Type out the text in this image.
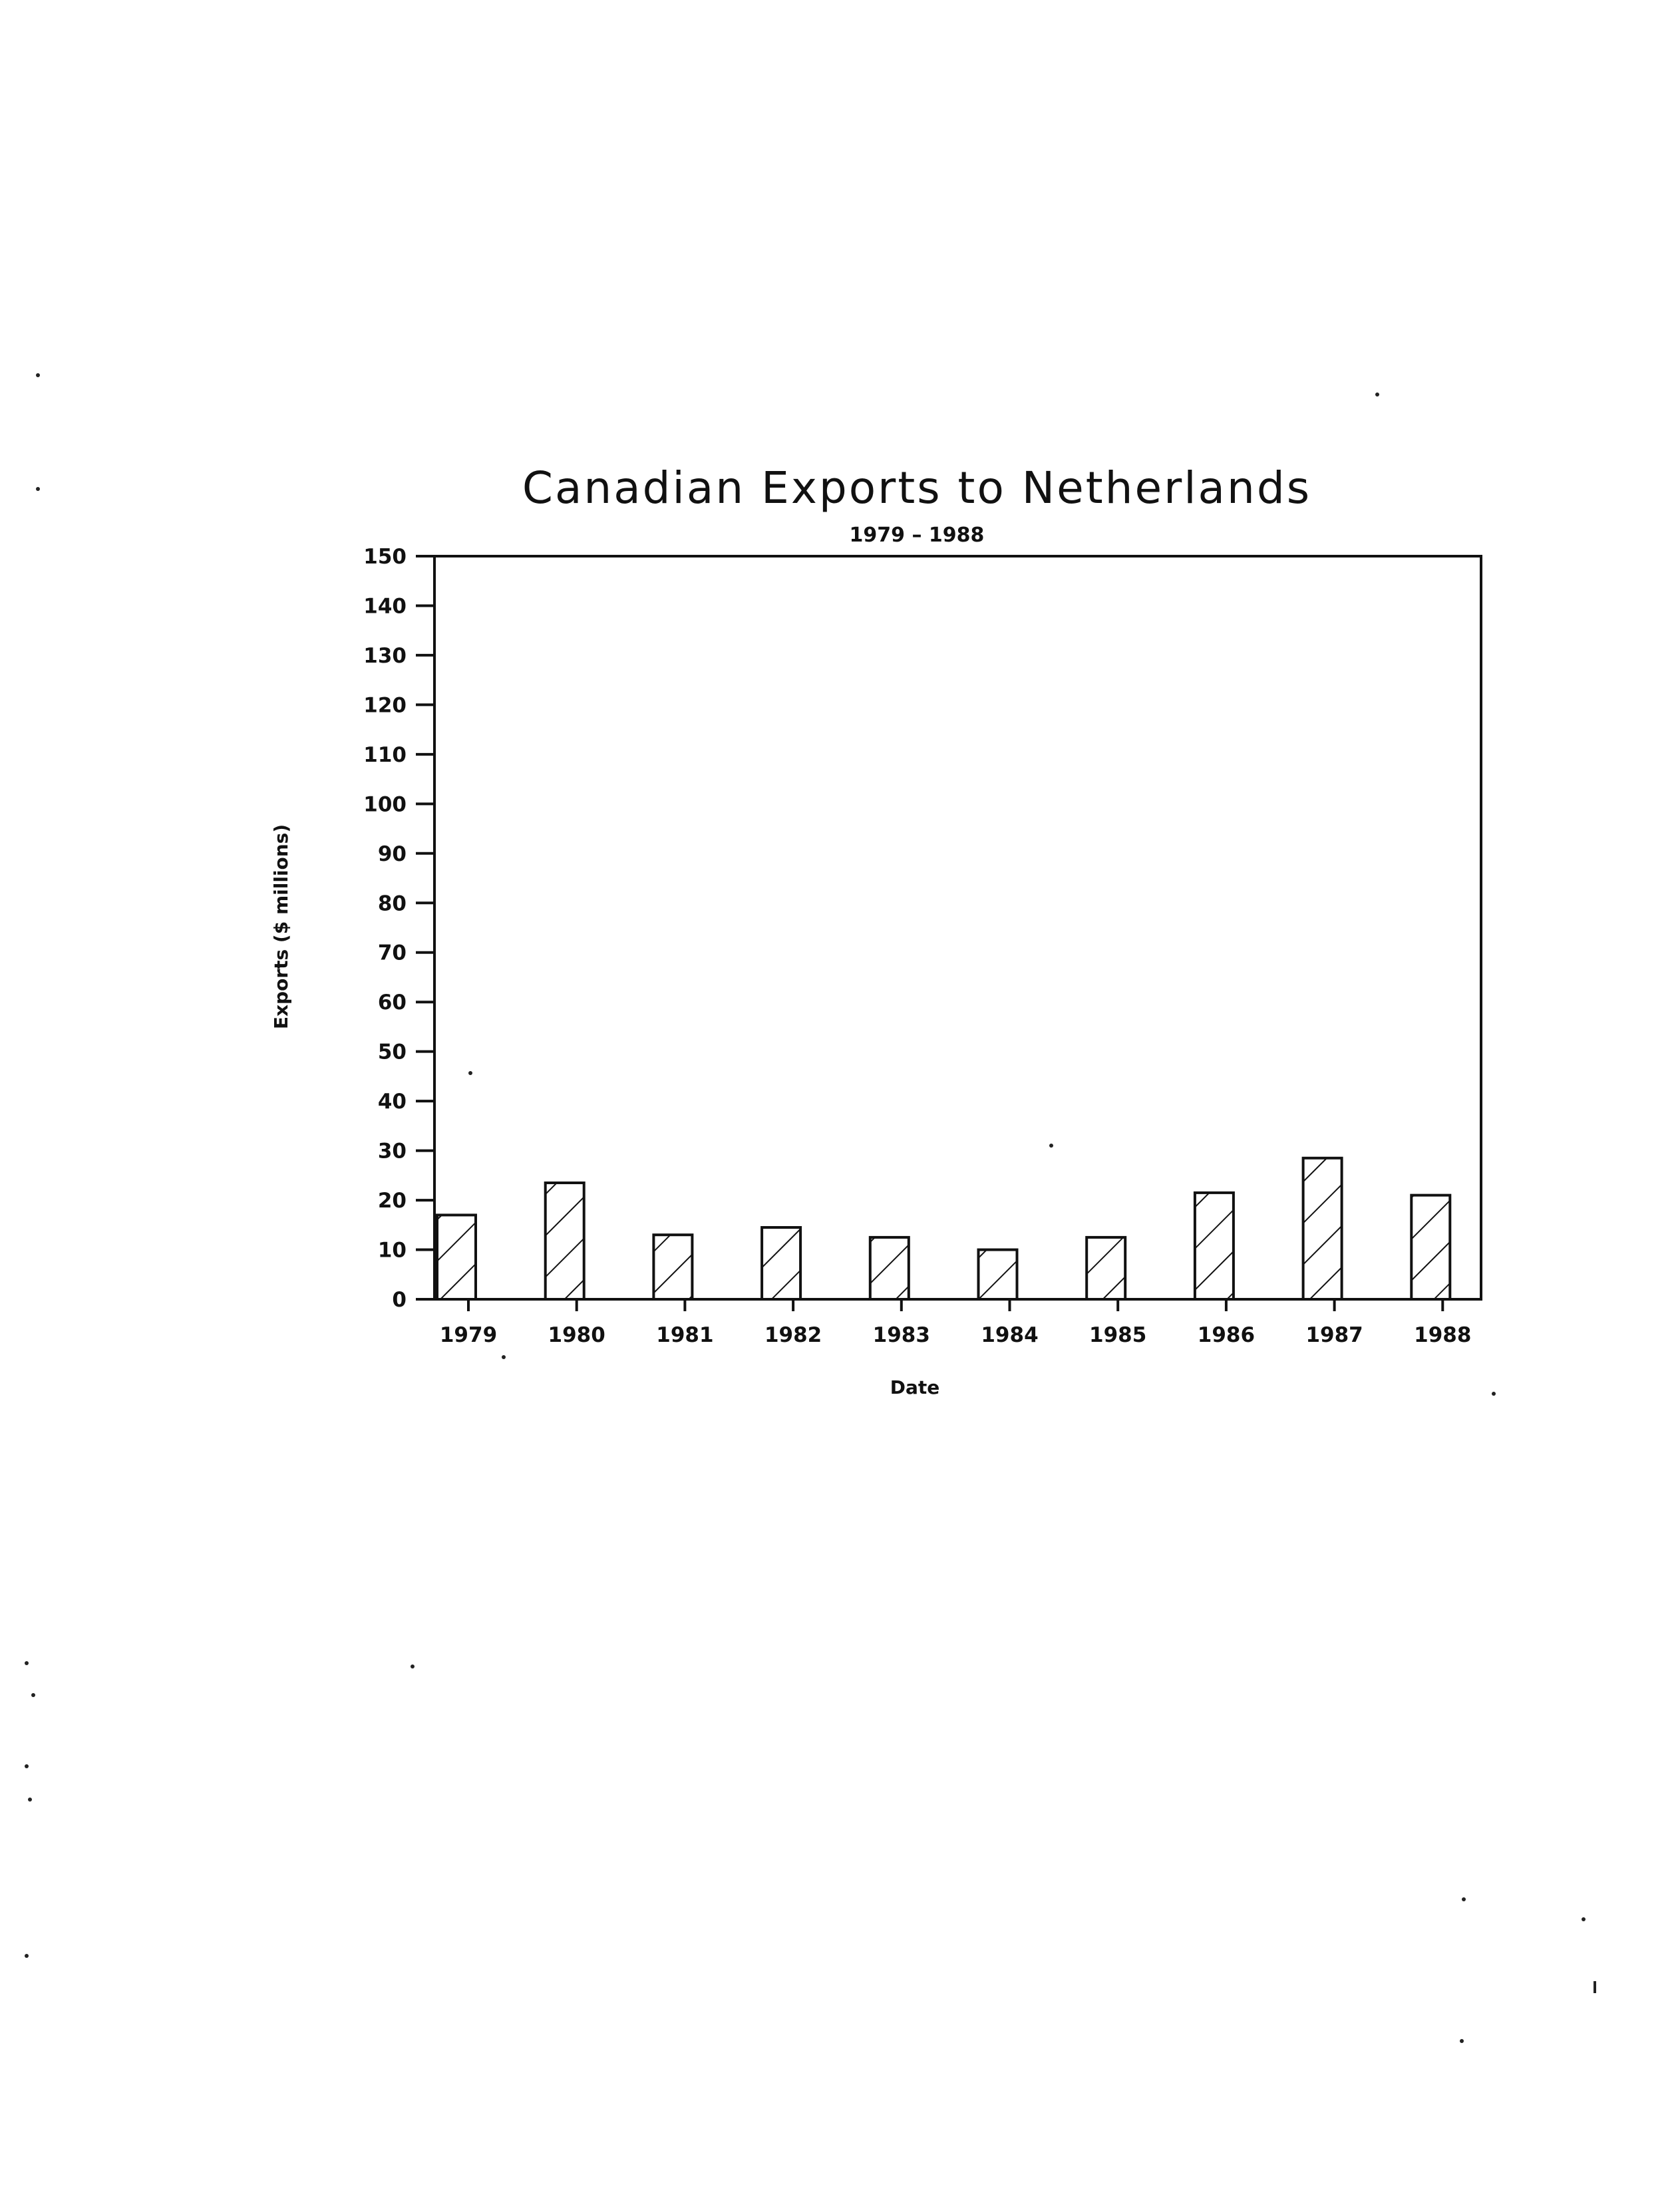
Canadian Exports to Netherlands
1979 – 1988
Exports ($ millions)
0
10
20
30
40
50
60
70
80
90
100
110
120
130
140
150
1979 1980 1981 1982 1983 1984 1985 1986 1987 1988
Date
